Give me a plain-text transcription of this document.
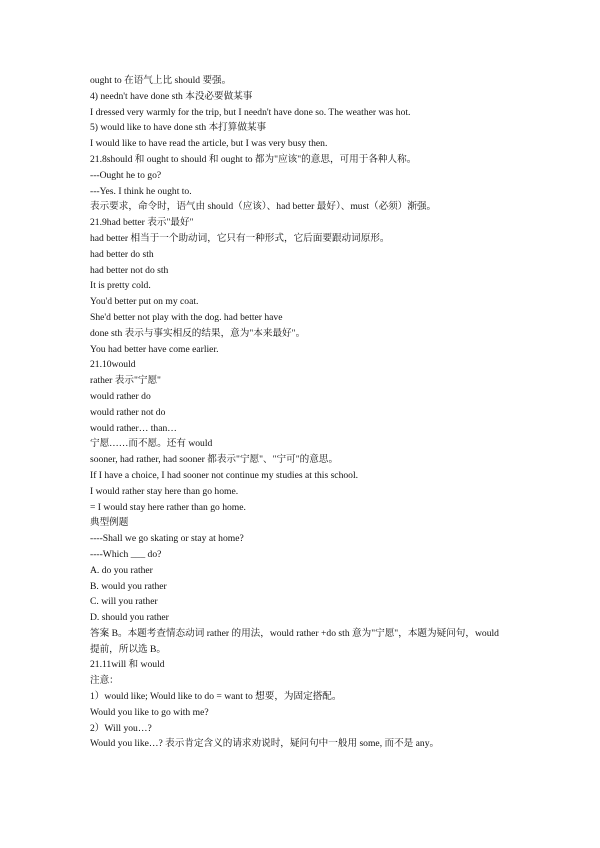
ought to 在语气上比 should 要强。
4) needn't have done sth 本没必要做某事
I dressed very warmly for the trip, but I needn't have done so. The weather was hot.
5) would like to have done sth 本打算做某事
I would like to have read the article, but I was very busy then.
21.8should 和 ought to should 和 ought to 都为"应该"的意思，可用于各种人称。
---Ought he to go?
---Yes. I think he ought to.
表示要求，命令时，语气由 should（应该）、had better 最好）、must（必须）渐强。
21.9had better 表示"最好"
had better 相当于一个助动词，它只有一种形式，它后面要跟动词原形。
had better do sth
had better not do sth
It is pretty cold.
You'd better put on my coat.
She'd better not play with the dog. had better have
done sth 表示与事实相反的结果，意为"本来最好"。
You had better have come earlier.
21.10would
rather 表示"宁愿"
would rather do
would rather not do
would rather… than…
宁愿……而不愿。还有 would
sooner, had rather, had sooner 都表示"宁愿"、"宁可"的意思。
If I have a choice, I had sooner not continue my studies at this school.
I would rather stay here than go home.
= I would stay here rather than go home.
典型例题
----Shall we go skating or stay at home?
----Which ___ do?
A. do you rather
B. would you rather
C. will you rather
D. should you rather
答案 B。本题考查情态动词 rather 的用法，would rather +do sth 意为"宁愿"，本题为疑问句，would
提前，所以选 B。
21.11will 和 would
注意：
1）would like; Would like to do = want to 想要，为固定搭配。
Would you like to go with me?
2）Will you…?
Would you like…? 表示肯定含义的请求劝说时，疑问句中一般用 some, 而不是 any。
